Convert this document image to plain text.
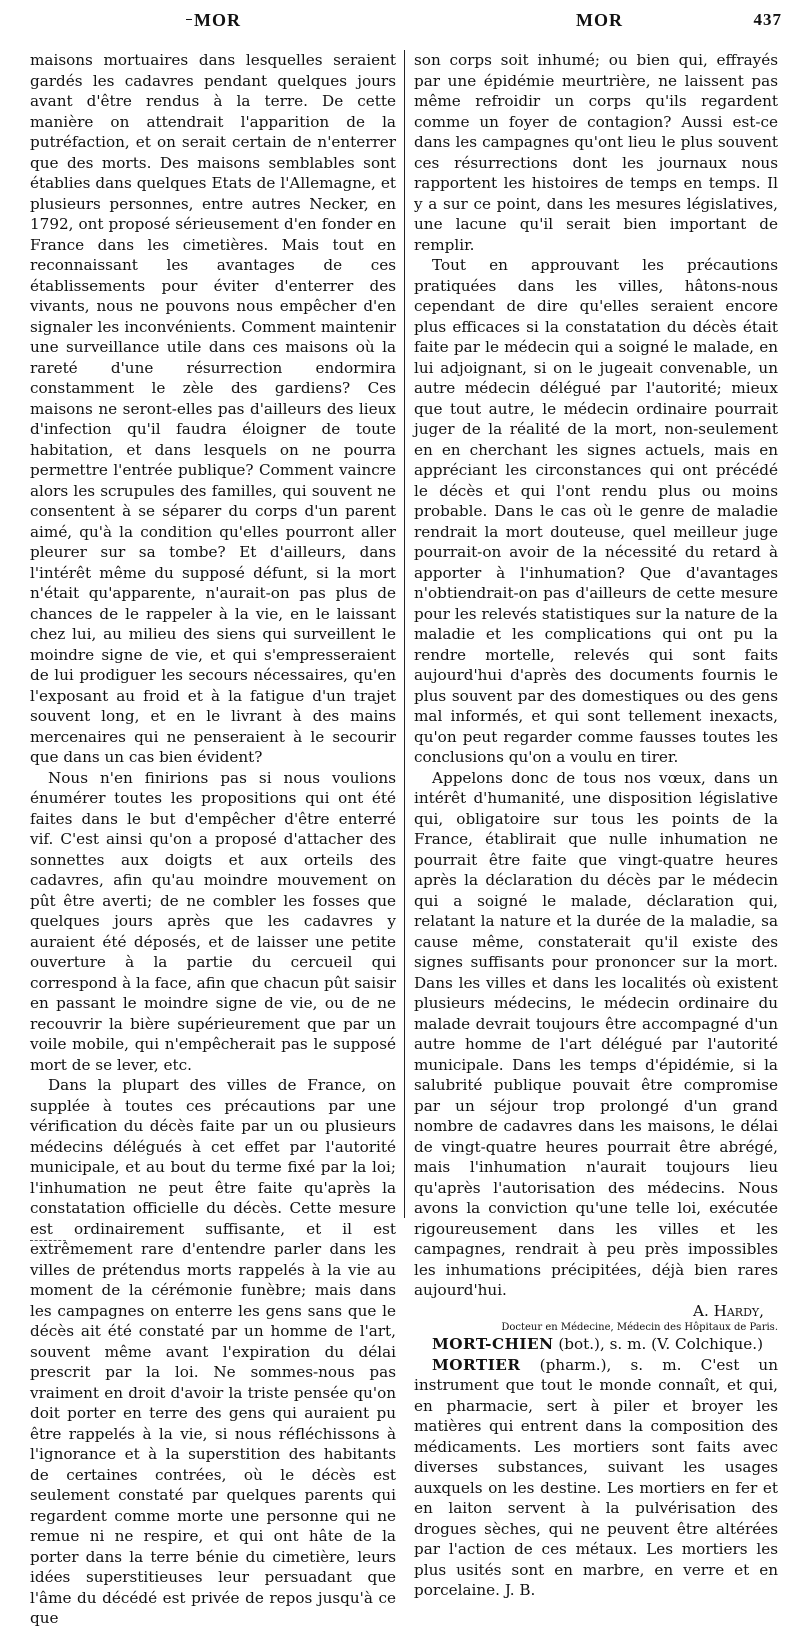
MOR	MOR	437

maisons mortuaires dans lesquelles seraient gardés les cadavres pendant quelques jours avant d'être rendus à la terre. De cette manière on attendrait l'apparition de la putréfaction, et on serait certain de n'enterrer que des morts. Des maisons semblables sont établies dans quelques Etats de l'Allemagne, et plusieurs personnes, entre autres Necker, en 1792, ont proposé sérieusement d'en fonder en France dans les cimetières. Mais tout en reconnaissant les avantages de ces établissements pour éviter d'enterrer des vivants, nous ne pouvons nous empêcher d'en signaler les inconvénients. Comment maintenir une surveillance utile dans ces maisons où la rareté d'une résurrection endormira constamment le zèle des gardiens? Ces maisons ne seront-elles pas d'ailleurs des lieux d'infection qu'il faudra éloigner de toute habitation, et dans lesquels on ne pourra permettre l'entrée publique? Comment vaincre alors les scrupules des familles, qui souvent ne consentent à se séparer du corps d'un parent aimé, qu'à la condition qu'elles pourront aller pleurer sur sa tombe? Et d'ailleurs, dans l'intérêt même du supposé défunt, si la mort n'était qu'apparente, n'aurait-on pas plus de chances de le rappeler à la vie, en le laissant chez lui, au milieu des siens qui surveillent le moindre signe de vie, et qui s'empresseraient de lui prodiguer les secours nécessaires, qu'en l'exposant au froid et à la fatigue d'un trajet souvent long, et en le livrant à des mains mercenaires qui ne penseraient à le secourir que dans un cas bien évident?

Nous n'en finirions pas si nous voulions énumérer toutes les propositions qui ont été faites dans le but d'empêcher d'être enterré vif. C'est ainsi qu'on a proposé d'attacher des sonnettes aux doigts et aux orteils des cadavres, afin qu'au moindre mouvement on pût être averti; de ne combler les fosses que quelques jours après que les cadavres y auraient été déposés, et de laisser une petite ouverture à la partie du cercueil qui correspond à la face, afin que chacun pût saisir en passant le moindre signe de vie, ou de ne recouvrir la bière supérieurement que par un voile mobile, qui n'empêcherait pas le supposé mort de se lever, etc.

Dans la plupart des villes de France, on supplée à toutes ces précautions par une vérification du décès faite par un ou plusieurs médecins délégués à cet effet par l'autorité municipale, et au bout du terme fixé par la loi; l'inhumation ne peut être faite qu'après la constatation officielle du décès. Cette mesure est ordinairement suffisante, et il est extrêmement rare d'entendre parler dans les villes de prétendus morts rappelés à la vie au moment de la cérémonie funèbre; mais dans les campagnes on enterre les gens sans que le décès ait été constaté par un homme de l'art, souvent même avant l'expiration du délai prescrit par la loi. Ne sommes-nous pas vraiment en droit d'avoir la triste pensée qu'on doit porter en terre des gens qui auraient pu être rappelés à la vie, si nous réfléchissons à l'ignorance et à la superstition des habitants de certaines contrées, où le décès est seulement constaté par quelques parents qui regardent comme morte une personne qui ne remue ni ne respire, et qui ont hâte de la porter dans la terre bénie du cimetière, leurs idées superstitieuses leur persuadant que l'âme du décédé est privée de repos jusqu'à ce que

son corps soit inhumé; ou bien qui, effrayés par une épidémie meurtrière, ne laissent pas même refroidir un corps qu'ils regardent comme un foyer de contagion? Aussi est-ce dans les campagnes qu'ont lieu le plus souvent ces résurrections dont les journaux nous rapportent les histoires de temps en temps. Il y a sur ce point, dans les mesures législatives, une lacune qu'il serait bien important de remplir.

Tout en approuvant les précautions pratiquées dans les villes, hâtons-nous cependant de dire qu'elles seraient encore plus efficaces si la constatation du décès était faite par le médecin qui a soigné le malade, en lui adjoignant, si on le jugeait convenable, un autre médecin délégué par l'autorité; mieux que tout autre, le médecin ordinaire pourrait juger de la réalité de la mort, non-seulement en en cherchant les signes actuels, mais en appréciant les circonstances qui ont précédé le décès et qui l'ont rendu plus ou moins probable. Dans le cas où le genre de maladie rendrait la mort douteuse, quel meilleur juge pourrait-on avoir de la nécessité du retard à apporter à l'inhumation? Que d'avantages n'obtiendrait-on pas d'ailleurs de cette mesure pour les relevés statistiques sur la nature de la maladie et les complications qui ont pu la rendre mortelle, relevés qui sont faits aujourd'hui d'après des documents fournis le plus souvent par des domestiques ou des gens mal informés, et qui sont tellement inexacts, qu'on peut regarder comme fausses toutes les conclusions qu'on a voulu en tirer.

Appelons donc de tous nos vœux, dans un intérêt d'humanité, une disposition législative qui, obligatoire sur tous les points de la France, établirait que nulle inhumation ne pourrait être faite que vingt-quatre heures après la déclaration du décès par le médecin qui a soigné le malade, déclaration qui, relatant la nature et la durée de la maladie, sa cause même, constaterait qu'il existe des signes suffisants pour prononcer sur la mort. Dans les villes et dans les localités où existent plusieurs médecins, le médecin ordinaire du malade devrait toujours être accompagné d'un autre homme de l'art délégué par l'autorité municipale. Dans les temps d'épidémie, si la salubrité publique pouvait être compromise par un séjour trop prolongé d'un grand nombre de cadavres dans les maisons, le délai de vingt-quatre heures pourrait être abrégé, mais l'inhumation n'aurait toujours lieu qu'après l'autorisation des médecins. Nous avons la conviction qu'une telle loi, exécutée rigoureusement dans les villes et les campagnes, rendrait à peu près impossibles les inhumations précipitées, déjà bien rares aujourd'hui.

A. Hardy,

Docteur en Médecine, Médecin des Hôpitaux de Paris.

MORT-CHIEN (bot.), s. m. (V. Colchique.)

MORTIER (pharm.), s. m. C'est un instrument que tout le monde connaît, et qui, en pharmacie, sert à piler et broyer les matières qui entrent dans la composition des médicaments. Les mortiers sont faits avec diverses substances, suivant les usages auxquels on les destine. Les mortiers en fer et en laiton servent à la pulvérisation des drogues sèches, qui ne peuvent être altérées par l'action de ces métaux. Les mortiers les plus usités sont en marbre, en verre et en porcelaine. J. B.
